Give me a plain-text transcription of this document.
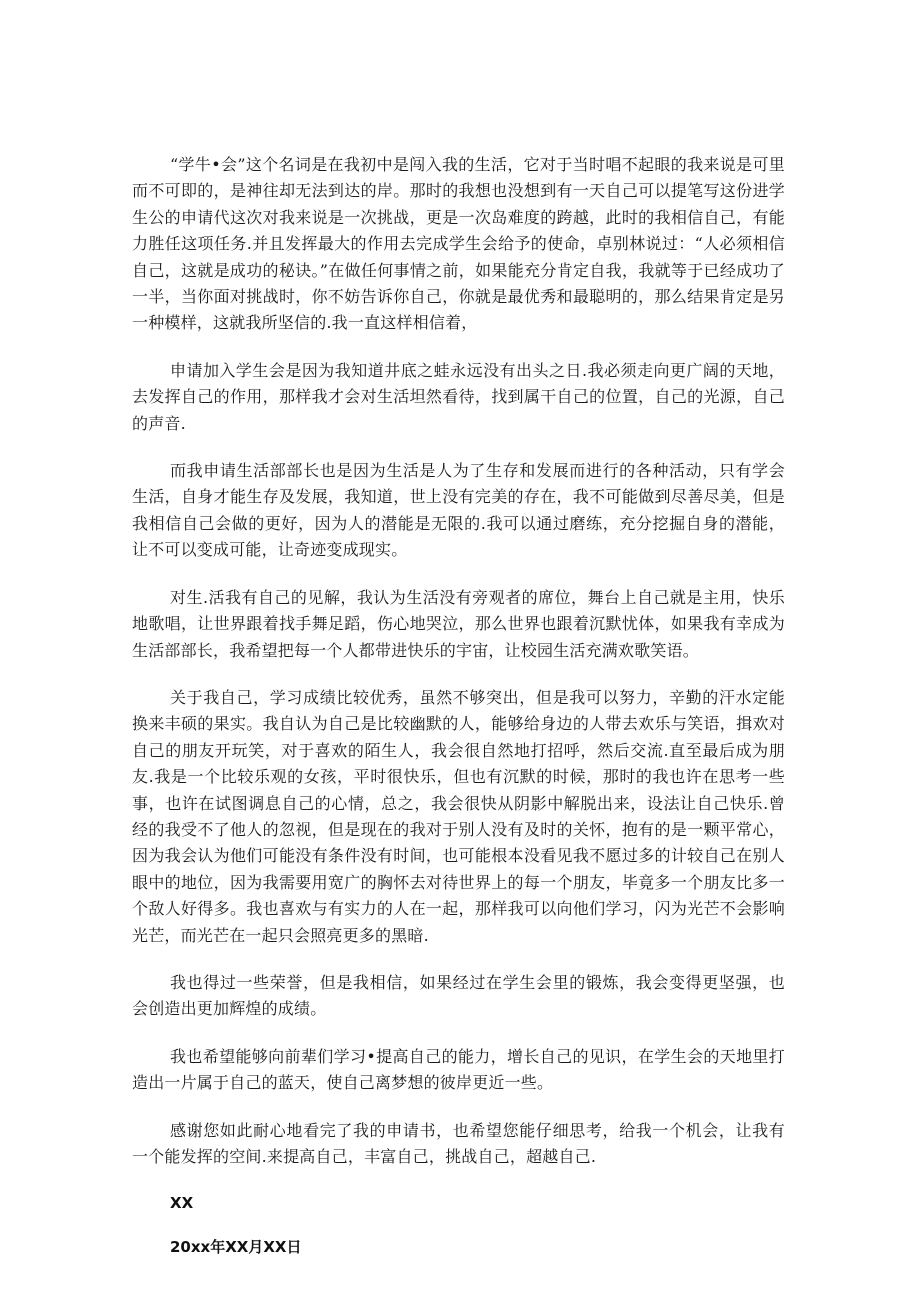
“学牛•会”这个名词是在我初中是闯入我的生活，它对于当时唱不起眼的我来说是可里而不可即的，是神往却无法到达的岸。那时的我想也没想到有一天自己可以提笔写这份进学生公的申请代这次对我来说是一次挑战，更是一次岛难度的跨越，此时的我相信自己，有能力胜任这项任务.并且发挥最大的作用去完成学生会给予的使命，卓别林说过：“人必须相信自己，这就是成功的秘诀。”在做任何事情之前，如果能充分肯定自我，我就等于已经成功了一半，当你面对挑战时，你不妨告诉你自己，你就是最优秀和最聪明的，那么结果肯定是另一种模样，这就我所坚信的.我一直这样相信着，

申请加入学生会是因为我知道井底之蛙永远没有出头之日.我必须走向更广阔的天地，去发挥自己的作用，那样我才会对生活坦然看待，找到属干自己的位置，自己的光源，自己的声音.

而我申请生活部部长也是因为生活是人为了生存和发展而进行的各种活动，只有学会生活，自身才能生存及发展，我知道，世上没有完美的存在，我不可能做到尽善尽美，但是我相信自己会做的更好，因为人的潜能是无限的.我可以通过磨练，充分挖掘自身的潜能，让不可以变成可能，让奇迹变成现实。

对生.活我有自己的见解，我认为生活没有旁观者的席位，舞台上自己就是主用，快乐地歌唱，让世界跟着找手舞足蹈，伤心地哭泣，那么世界也跟着沉默忧体，如果我有幸成为生活部部长，我希望把每一个人都带进快乐的宇宙，让校园生活充满欢歌笑语。

关于我自己，学习成绩比较优秀，虽然不够突出，但是我可以努力，辛勤的汗水定能换来丰硕的果实。我自认为自己是比较幽默的人，能够给身边的人带去欢乐与笑语，揖欢对自己的朋友开玩笑，对于喜欢的陌生人，我会很自然地打招呼，然后交流.直至最后成为朋友.我是一个比较乐观的女孩，平时很快乐，但也有沉默的时候，那时的我也许在思考一些事，也许在试图调息自己的心情，总之，我会很快从阴影中解脱出来，设法让自己快乐.曾经的我受不了他人的忽视，但是现在的我对于别人没有及时的关怀，抱有的是一颗平常心，因为我会认为他们可能没有条件没有时间，也可能根本没看见我不愿过多的计较自己在别人眼中的地位，因为我需要用宽广的胸怀去对待世界上的每一个朋友，毕竟多一个朋友比多一个敌人好得多。我也喜欢与有实力的人在一起，那样我可以向他们学习，闪为光芒不会影响光芒，而光芒在一起只会照亮更多的黑暗.

我也得过一些荣誉，但是我相信，如果经过在学生会里的锻炼，我会变得更坚强，也会创造出更加辉煌的成绩。

我也希望能够向前辈们学习•提高自己的能力，增长自己的见识，在学生会的天地里打造出一片属于自己的蓝天，使自己离梦想的彼岸更近一些。

感谢您如此耐心地看完了我的申请书，也希望您能仔细思考，给我一个机会，让我有一个能发挥的空间.来提高自己，丰富自己，挑战自己，超越自己.

XX

20xx年XX月XX日
